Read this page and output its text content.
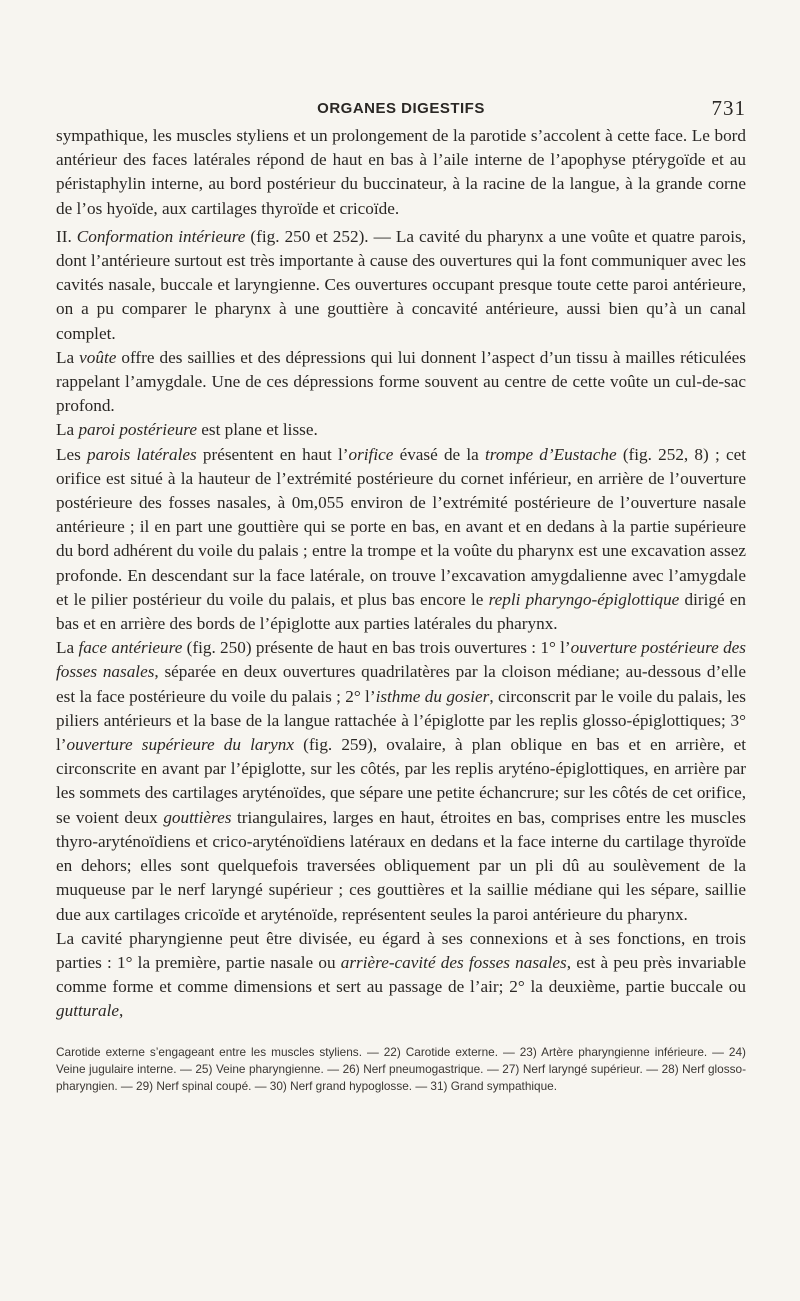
ORGANES DIGESTIFS	731

sympathique, les muscles styliens et un prolongement de la parotide s’accolent à cette face. Le bord antérieur des faces latérales répond de haut en bas à l’aile interne de l’apophyse ptérygoïde et au péristaphylin interne, au bord postérieur du buccinateur, à la racine de la langue, à la grande corne de l’os hyoïde, aux cartilages thyroïde et cricoïde.

II. Conformation intérieure (fig. 250 et 252). — La cavité du pharynx a une voûte et quatre parois, dont l’antérieure surtout est très importante à cause des ouvertures qui la font communiquer avec les cavités nasale, buccale et laryngienne. Ces ouvertures occupant presque toute cette paroi antérieure, on a pu comparer le pharynx à une gouttière à concavité antérieure, aussi bien qu’à un canal complet.

La voûte offre des saillies et des dépressions qui lui donnent l’aspect d’un tissu à mailles réticulées rappelant l’amygdale. Une de ces dépressions forme souvent au centre de cette voûte un cul-de-sac profond.

La paroi postérieure est plane et lisse.

Les parois latérales présentent en haut l’orifice évasé de la trompe d’Eustache (fig. 252, 8) ; cet orifice est situé à la hauteur de l’extrémité postérieure du cornet inférieur, en arrière de l’ouverture postérieure des fosses nasales, à 0m,055 environ de l’extrémité postérieure de l’ouverture nasale antérieure ; il en part une gouttière qui se porte en bas, en avant et en dedans à la partie supérieure du bord adhérent du voile du palais ; entre la trompe et la voûte du pharynx est une excavation assez profonde. En descendant sur la face latérale, on trouve l’excavation amygdalienne avec l’amygdale et le pilier postérieur du voile du palais, et plus bas encore le repli pharyngo-épiglottique dirigé en bas et en arrière des bords de l’épiglotte aux parties latérales du pharynx.

La face antérieure (fig. 250) présente de haut en bas trois ouvertures : 1° l’ouverture postérieure des fosses nasales, séparée en deux ouvertures quadrilatères par la cloison médiane; au-dessous d’elle est la face postérieure du voile du palais ; 2° l’isthme du gosier, circonscrit par le voile du palais, les piliers antérieurs et la base de la langue rattachée à l’épiglotte par les replis glosso-épiglottiques; 3° l’ouverture supérieure du larynx (fig. 259), ovalaire, à plan oblique en bas et en arrière, et circonscrite en avant par l’épiglotte, sur les côtés, par les replis aryténo-épiglottiques, en arrière par les sommets des cartilages aryténoïdes, que sépare une petite échancrure; sur les côtés de cet orifice, se voient deux gouttières triangulaires, larges en haut, étroites en bas, comprises entre les muscles thyro-aryténoïdiens et crico-aryténoïdiens latéraux en dedans et la face interne du cartilage thyroïde en dehors; elles sont quelquefois traversées obliquement par un pli dû au soulèvement de la muqueuse par le nerf laryngé supérieur ; ces gouttières et la saillie médiane qui les sépare, saillie due aux cartilages cricoïde et aryténoïde, représentent seules la paroi antérieure du pharynx.

La cavité pharyngienne peut être divisée, eu égard à ses connexions et à ses fonctions, en trois parties : 1° la première, partie nasale ou arrière-cavité des fosses nasales, est à peu près invariable comme forme et comme dimensions et sert au passage de l’air; 2° la deuxième, partie buccale ou gutturale,

Carotide externe s’engageant entre les muscles styliens. — 22) Carotide externe. — 23) Artère pharyngienne inférieure. — 24) Veine jugulaire interne. — 25) Veine pharyngienne. — 26) Nerf pneumogastrique. — 27) Nerf laryngé supérieur. — 28) Nerf glosso-pharyngien. — 29) Nerf spinal coupé. — 30) Nerf grand hypoglosse. — 31) Grand sympathique.
